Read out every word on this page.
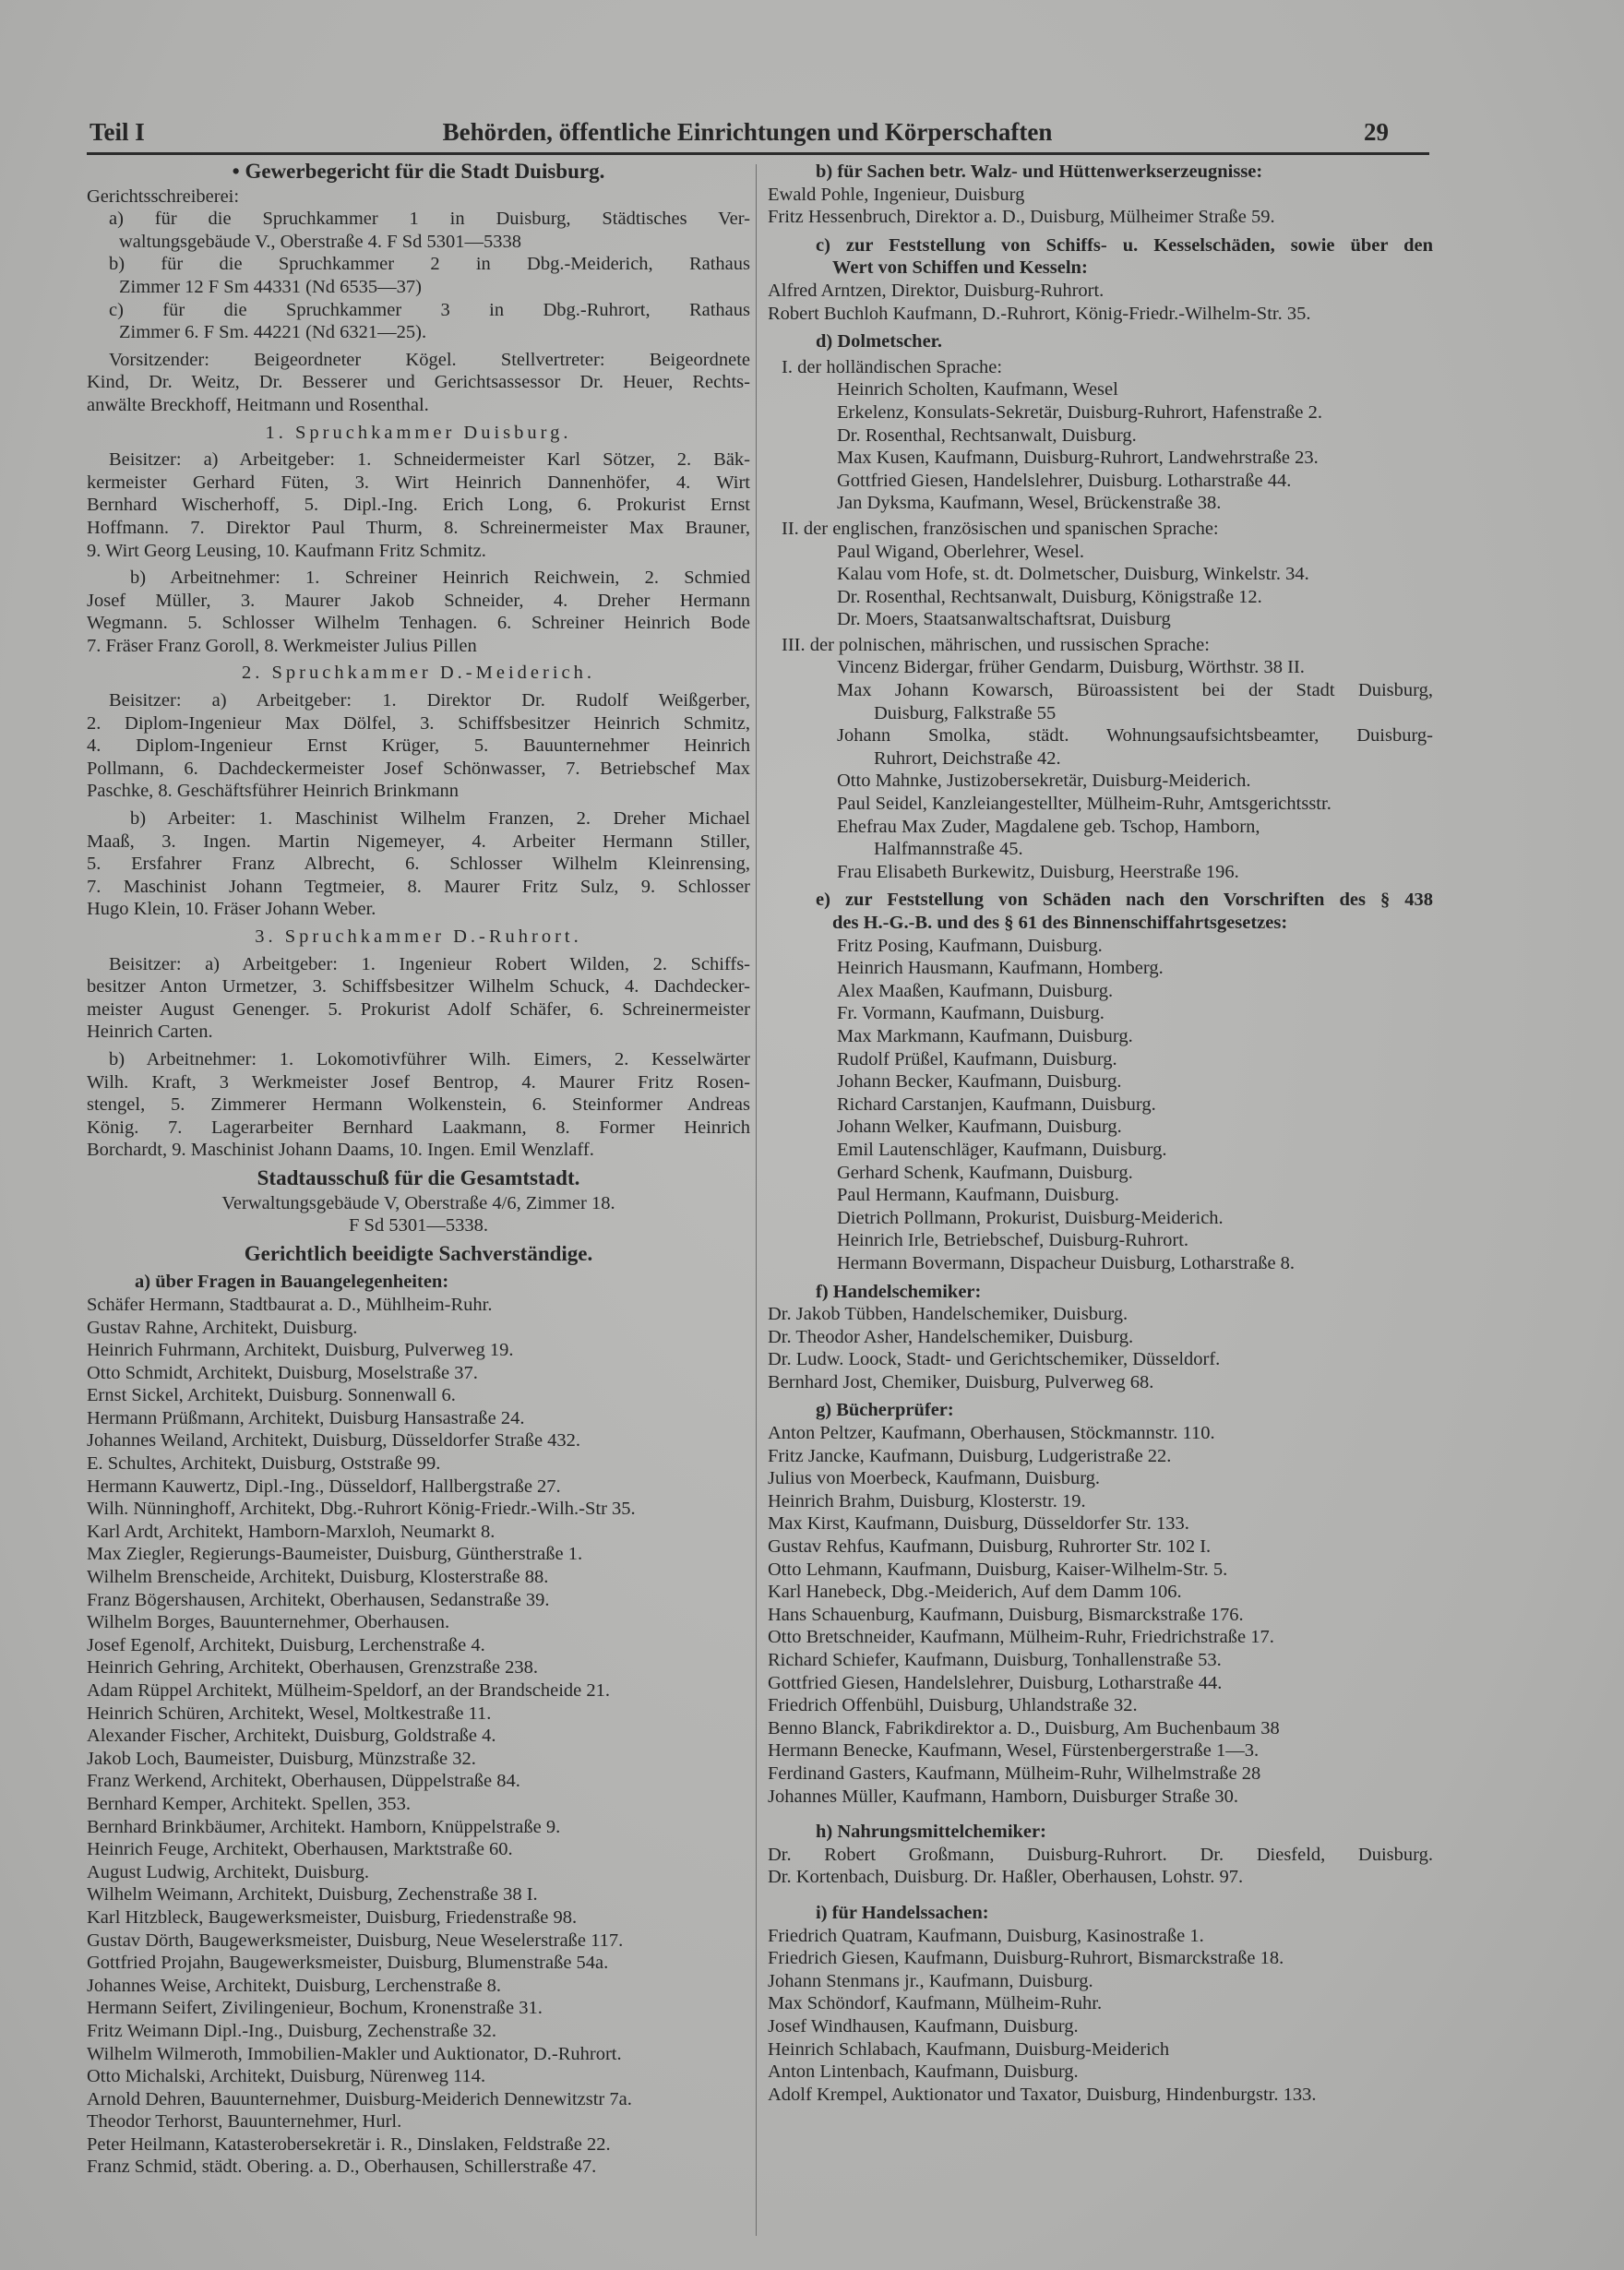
Teil I	Behörden, öffentliche Einrichtungen und Körperschaften	29
• Gewerbegericht für die Stadt Duisburg.
Gerichtsschreiberei:
a) für die Spruchkammer 1 in Duisburg, Städtisches Ver-
waltungsgebäude V., Oberstraße 4. F Sd 5301—5338
b) für die Spruchkammer 2 in Dbg.-Meiderich, Rathaus
Zimmer 12 F Sm 44331 (Nd 6535—37)
c) für die Spruchkammer 3 in Dbg.-Ruhrort, Rathaus
Zimmer 6. F Sm. 44221 (Nd 6321—25).
Vorsitzender: Beigeordneter Kögel. Stellvertreter: Beigeordnete
Kind, Dr. Weitz, Dr. Besserer und Gerichtsassessor Dr. Heuer, Rechts-
anwälte Breckhoff, Heitmann und Rosenthal.
1. Spruchkammer Duisburg.
Beisitzer: a) Arbeitgeber: 1. Schneidermeister Karl Sötzer, 2. Bäk-
kermeister Gerhard Füten, 3. Wirt Heinrich Dannenhöfer, 4. Wirt
Bernhard Wischerhoff, 5. Dipl.-Ing. Erich Long, 6. Prokurist Ernst
Hoffmann. 7. Direktor Paul Thurm, 8. Schreinermeister Max Brauner,
9. Wirt Georg Leusing, 10. Kaufmann Fritz Schmitz.
b) Arbeitnehmer: 1. Schreiner Heinrich Reichwein, 2. Schmied
Josef Müller, 3. Maurer Jakob Schneider, 4. Dreher Hermann
Wegmann. 5. Schlosser Wilhelm Tenhagen. 6. Schreiner Heinrich Bode
7. Fräser Franz Goroll, 8. Werkmeister Julius Pillen
2. Spruchkammer D.-Meiderich.
Beisitzer: a) Arbeitgeber: 1. Direktor Dr. Rudolf Weißgerber,
2. Diplom-Ingenieur Max Dölfel, 3. Schiffsbesitzer Heinrich Schmitz,
4. Diplom-Ingenieur Ernst Krüger, 5. Bauunternehmer Heinrich
Pollmann, 6. Dachdeckermeister Josef Schönwasser, 7. Betriebschef Max
Paschke, 8. Geschäftsführer Heinrich Brinkmann
b) Arbeiter: 1. Maschinist Wilhelm Franzen, 2. Dreher Michael
Maaß, 3. Ingen. Martin Nigemeyer, 4. Arbeiter Hermann Stiller,
5. Ersfahrer Franz Albrecht, 6. Schlosser Wilhelm Kleinrensing,
7. Maschinist Johann Tegtmeier, 8. Maurer Fritz Sulz, 9. Schlosser
Hugo Klein, 10. Fräser Johann Weber.
3. Spruchkammer D.-Ruhrort.
Beisitzer: a) Arbeitgeber: 1. Ingenieur Robert Wilden, 2. Schiffs-
besitzer Anton Urmetzer, 3. Schiffsbesitzer Wilhelm Schuck, 4. Dachdecker-
meister August Genenger. 5. Prokurist Adolf Schäfer, 6. Schreinermeister
Heinrich Carten.
b) Arbeitnehmer: 1. Lokomotivführer Wilh. Eimers, 2. Kesselwärter
Wilh. Kraft, 3 Werkmeister Josef Bentrop, 4. Maurer Fritz Rosen-
stengel, 5. Zimmerer Hermann Wolkenstein, 6. Steinformer Andreas
König. 7. Lagerarbeiter Bernhard Laakmann, 8. Former Heinrich
Borchardt, 9. Maschinist Johann Daams, 10. Ingen. Emil Wenzlaff.
Stadtausschuß für die Gesamtstadt.
Verwaltungsgebäude V, Oberstraße 4/6, Zimmer 18.
F Sd 5301—5338.
Gerichtlich beeidigte Sachverständige.
a) über Fragen in Bauangelegenheiten:
Schäfer Hermann, Stadtbaurat a. D., Mühlheim-Ruhr.
Gustav Rahne, Architekt, Duisburg.
Heinrich Fuhrmann, Architekt, Duisburg, Pulverweg 19.
Otto Schmidt, Architekt, Duisburg, Moselstraße 37.
Ernst Sickel, Architekt, Duisburg. Sonnenwall 6.
Hermann Prüßmann, Architekt, Duisburg Hansastraße 24.
Johannes Weiland, Architekt, Duisburg, Düsseldorfer Straße 432.
E. Schultes, Architekt, Duisburg, Oststraße 99.
Hermann Kauwertz, Dipl.-Ing., Düsseldorf, Hallbergstraße 27.
Wilh. Nünninghoff, Architekt, Dbg.-Ruhrort König-Friedr.-Wilh.-Str 35.
Karl Ardt, Architekt, Hamborn-Marxloh, Neumarkt 8.
Max Ziegler, Regierungs-Baumeister, Duisburg, Güntherstraße 1.
Wilhelm Brenscheide, Architekt, Duisburg, Klosterstraße 88.
Franz Bögershausen, Architekt, Oberhausen, Sedanstraße 39.
Wilhelm Borges, Bauunternehmer, Oberhausen.
Josef Egenolf, Architekt, Duisburg, Lerchenstraße 4.
Heinrich Gehring, Architekt, Oberhausen, Grenzstraße 238.
Adam Rüppel Architekt, Mülheim-Speldorf, an der Brandscheide 21.
Heinrich Schüren, Architekt, Wesel, Moltkestraße 11.
Alexander Fischer, Architekt, Duisburg, Goldstraße 4.
Jakob Loch, Baumeister, Duisburg, Münzstraße 32.
Franz Werkend, Architekt, Oberhausen, Düppelstraße 84.
Bernhard Kemper, Architekt. Spellen, 353.
Bernhard Brinkbäumer, Architekt. Hamborn, Knüppelstraße 9.
Heinrich Feuge, Architekt, Oberhausen, Marktstraße 60.
August Ludwig, Architekt, Duisburg.
Wilhelm Weimann, Architekt, Duisburg, Zechenstraße 38 I.
Karl Hitzbleck, Baugewerksmeister, Duisburg, Friedenstraße 98.
Gustav Dörth, Baugewerksmeister, Duisburg, Neue Weselerstraße 117.
Gottfried Projahn, Baugewerksmeister, Duisburg, Blumenstraße 54a.
Johannes Weise, Architekt, Duisburg, Lerchenstraße 8.
Hermann Seifert, Zivilingenieur, Bochum, Kronenstraße 31.
Fritz Weimann Dipl.-Ing., Duisburg, Zechenstraße 32.
Wilhelm Wilmeroth, Immobilien-Makler und Auktionator, D.-Ruhrort.
Otto Michalski, Architekt, Duisburg, Nürenweg 114.
Arnold Dehren, Bauunternehmer, Duisburg-Meiderich Dennewitzstr 7a.
Theodor Terhorst, Bauunternehmer, Hurl.
Peter Heilmann, Katasterobersekretär i. R., Dinslaken, Feldstraße 22.
Franz Schmid, städt. Obering. a. D., Oberhausen, Schillerstraße 47.
b) für Sachen betr. Walz- und Hüttenwerkserzeugnisse:
Ewald Pohle, Ingenieur, Duisburg
Fritz Hessenbruch, Direktor a. D., Duisburg, Mülheimer Straße 59.
c) zur Feststellung von Schiffs- u. Kesselschäden, sowie über den
Wert von Schiffen und Kesseln:
Alfred Arntzen, Direktor, Duisburg-Ruhrort.
Robert Buchloh Kaufmann, D.-Ruhrort, König-Friedr.-Wilhelm-Str. 35.
d) Dolmetscher.
I. der holländischen Sprache:
Heinrich Scholten, Kaufmann, Wesel
Erkelenz, Konsulats-Sekretär, Duisburg-Ruhrort, Hafenstraße 2.
Dr. Rosenthal, Rechtsanwalt, Duisburg.
Max Kusen, Kaufmann, Duisburg-Ruhrort, Landwehrstraße 23.
Gottfried Giesen, Handelslehrer, Duisburg. Lotharstraße 44.
Jan Dyksma, Kaufmann, Wesel, Brückenstraße 38.
II. der englischen, französischen und spanischen Sprache:
Paul Wigand, Oberlehrer, Wesel.
Kalau vom Hofe, st. dt. Dolmetscher, Duisburg, Winkelstr. 34.
Dr. Rosenthal, Rechtsanwalt, Duisburg, Königstraße 12.
Dr. Moers, Staatsanwaltschaftsrat, Duisburg
III. der polnischen, mährischen, und russischen Sprache:
Vincenz Bidergar, früher Gendarm, Duisburg, Wörthstr. 38 II.
Max Johann Kowarsch, Büroassistent bei der Stadt Duisburg,
Duisburg, Falkstraße 55
Johann Smolka, städt. Wohnungsaufsichtsbeamter, Duisburg-
Ruhrort, Deichstraße 42.
Otto Mahnke, Justizobersekretär, Duisburg-Meiderich.
Paul Seidel, Kanzleiangestellter, Mülheim-Ruhr, Amtsgerichtsstr.
Ehefrau Max Zuder, Magdalene geb. Tschop, Hamborn,
Halfmannstraße 45.
Frau Elisabeth Burkewitz, Duisburg, Heerstraße 196.
e) zur Feststellung von Schäden nach den Vorschriften des § 438
des H.-G.-B. und des § 61 des Binnenschiffahrtsgesetzes:
Fritz Posing, Kaufmann, Duisburg.
Heinrich Hausmann, Kaufmann, Homberg.
Alex Maaßen, Kaufmann, Duisburg.
Fr. Vormann, Kaufmann, Duisburg.
Max Markmann, Kaufmann, Duisburg.
Rudolf Prüßel, Kaufmann, Duisburg.
Johann Becker, Kaufmann, Duisburg.
Richard Carstanjen, Kaufmann, Duisburg.
Johann Welker, Kaufmann, Duisburg.
Emil Lautenschläger, Kaufmann, Duisburg.
Gerhard Schenk, Kaufmann, Duisburg.
Paul Hermann, Kaufmann, Duisburg.
Dietrich Pollmann, Prokurist, Duisburg-Meiderich.
Heinrich Irle, Betriebschef, Duisburg-Ruhrort.
Hermann Bovermann, Dispacheur Duisburg, Lotharstraße 8.
f) Handelschemiker:
Dr. Jakob Tübben, Handelschemiker, Duisburg.
Dr. Theodor Asher, Handelschemiker, Duisburg.
Dr. Ludw. Loock, Stadt- und Gerichtschemiker, Düsseldorf.
Bernhard Jost, Chemiker, Duisburg, Pulverweg 68.
g) Bücherprüfer:
Anton Peltzer, Kaufmann, Oberhausen, Stöckmannstr. 110.
Fritz Jancke, Kaufmann, Duisburg, Ludgeristraße 22.
Julius von Moerbeck, Kaufmann, Duisburg.
Heinrich Brahm, Duisburg, Klosterstr. 19.
Max Kirst, Kaufmann, Duisburg, Düsseldorfer Str. 133.
Gustav Rehfus, Kaufmann, Duisburg, Ruhrorter Str. 102 I.
Otto Lehmann, Kaufmann, Duisburg, Kaiser-Wilhelm-Str. 5.
Karl Hanebeck, Dbg.-Meiderich, Auf dem Damm 106.
Hans Schauenburg, Kaufmann, Duisburg, Bismarckstraße 176.
Otto Bretschneider, Kaufmann, Mülheim-Ruhr, Friedrichstraße 17.
Richard Schiefer, Kaufmann, Duisburg, Tonhallenstraße 53.
Gottfried Giesen, Handelslehrer, Duisburg, Lotharstraße 44.
Friedrich Offenbühl, Duisburg, Uhlandstraße 32.
Benno Blanck, Fabrikdirektor a. D., Duisburg, Am Buchenbaum 38
Hermann Benecke, Kaufmann, Wesel, Fürstenbergerstraße 1—3.
Ferdinand Gasters, Kaufmann, Mülheim-Ruhr, Wilhelmstraße 28
Johannes Müller, Kaufmann, Hamborn, Duisburger Straße 30.
h) Nahrungsmittelchemiker:
Dr. Robert Großmann, Duisburg-Ruhrort. Dr. Diesfeld, Duisburg.
Dr. Kortenbach, Duisburg. Dr. Haßler, Oberhausen, Lohstr. 97.
i) für Handelssachen:
Friedrich Quatram, Kaufmann, Duisburg, Kasinostraße 1.
Friedrich Giesen, Kaufmann, Duisburg-Ruhrort, Bismarckstraße 18.
Johann Stenmans jr., Kaufmann, Duisburg.
Max Schöndorf, Kaufmann, Mülheim-Ruhr.
Josef Windhausen, Kaufmann, Duisburg.
Heinrich Schlabach, Kaufmann, Duisburg-Meiderich
Anton Lintenbach, Kaufmann, Duisburg.
Adolf Krempel, Auktionator und Taxator, Duisburg, Hindenburgstr. 133.
